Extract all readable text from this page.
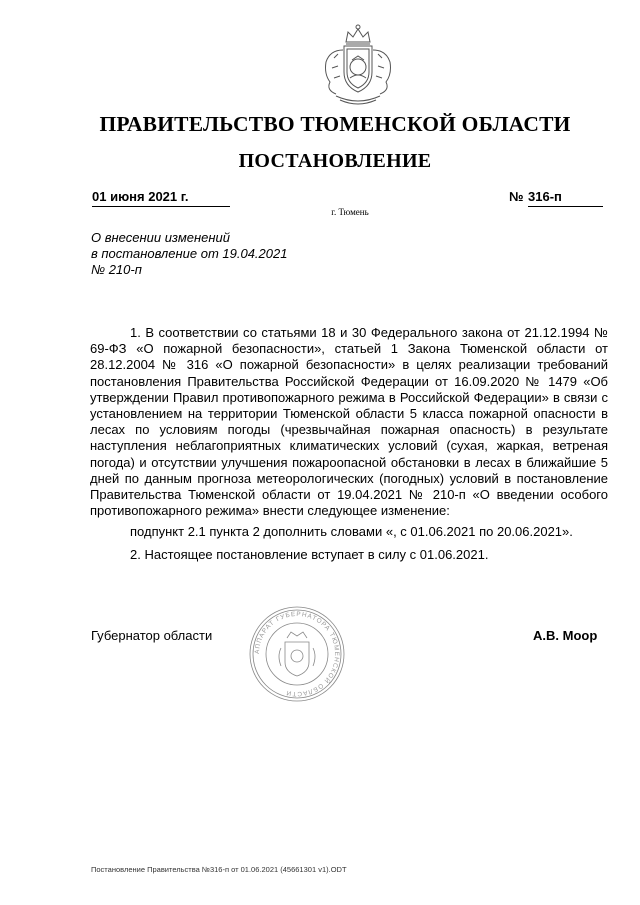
ПРАВИТЕЛЬСТВО ТЮМЕНСКОЙ ОБЛАСТИ
ПОСТАНОВЛЕНИЕ
01 июня 2021 г.	№ 316-п
г. Тюмень
О внесении изменений
в постановление от 19.04.2021
№ 210-п

1. В соответствии со статьями 18 и 30 Федерального закона от 21.12.1994 № 69-ФЗ «О пожарной безопасности», статьей 1 Закона Тюменской области от 28.12.2004 № 316 «О пожарной безопасности» в целях реализации требований постановления Правительства Российской Федерации от 16.09.2020 № 1479 «Об утверждении Правил противопожарного режима в Российской Федерации» в связи с установлением на территории Тюменской области 5 класса пожарной опасности в лесах по условиям погоды (чрезвычайная пожарная опасность) в результате наступления неблагоприятных климатических условий (сухая, жаркая, ветреная погода) и отсутствии улучшения пожароопасной обстановки в лесах в ближайшие 5 дней по данным прогноза метеорологических (погодных) условий в постановление Правительства Тюменской области от 19.04.2021 № 210-п «О введении особого противопожарного режима» внести следующее изменение:

подпункт 2.1 пункта 2 дополнить словами «, с 01.06.2021 по 20.06.2021».

2. Настоящее постановление вступает в силу с 01.06.2021.

АППАРАТ ГУБЕРНАТОРА ТЮМЕНСКОЙ ОБЛАСТИ
Губернатор области	А.В. Моор
Постановление Правительства №316-п от 01.06.2021 (45661301 v1).ODT
